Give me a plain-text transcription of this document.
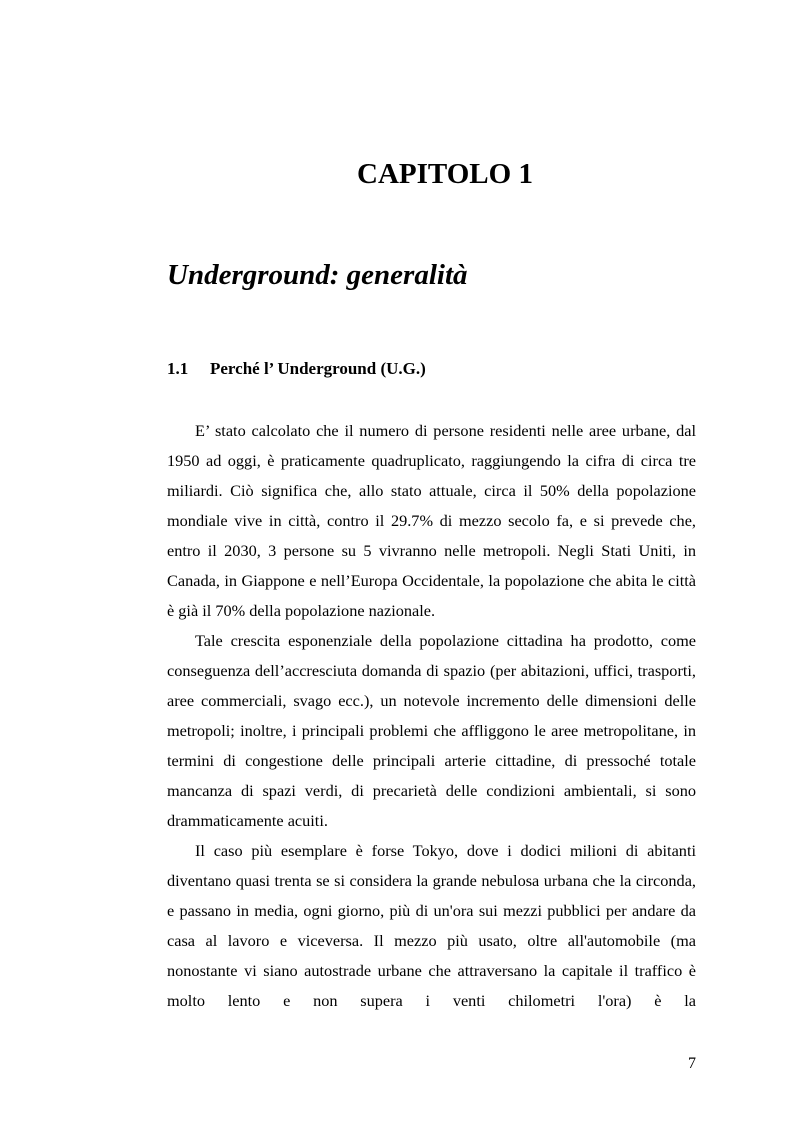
CAPITOLO 1
Underground: generalità
1.1 Perché l’ Underground (U.G.)

E’ stato calcolato che il numero di persone residenti nelle aree urbane, dal 1950 ad oggi, è praticamente quadruplicato, raggiungendo la cifra di circa tre miliardi. Ciò significa che, allo stato attuale, circa il 50% della popolazione mondiale vive in città, contro il 29.7% di mezzo secolo fa, e si prevede che, entro il 2030, 3 persone su 5 vivranno nelle metropoli. Negli Stati Uniti, in Canada, in Giappone e nell’Europa Occidentale, la popolazione che abita le città è già il 70% della popolazione nazionale.

Tale crescita esponenziale della popolazione cittadina ha prodotto, come conseguenza dell’accresciuta domanda di spazio (per abitazioni, uffici, trasporti, aree commerciali, svago ecc.), un notevole incremento delle dimensioni delle metropoli; inoltre, i principali problemi che affliggono le aree metropolitane, in termini di congestione delle principali arterie cittadine, di pressoché totale mancanza di spazi verdi, di precarietà delle condizioni ambientali, si sono drammaticamente acuiti.

Il caso più esemplare è forse Tokyo, dove i dodici milioni di abitanti diventano quasi trenta se si considera la grande nebulosa urbana che la circonda, e passano in media, ogni giorno, più di un'ora sui mezzi pubblici per andare da casa al lavoro e viceversa. Il mezzo più usato, oltre all'automobile (ma nonostante vi siano autostrade urbane che attraversano la capitale il traffico è molto lento e non supera i venti chilometri l'ora) è la

7
